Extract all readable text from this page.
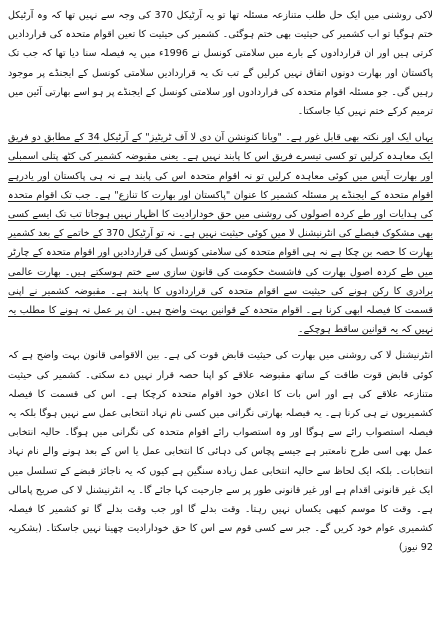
لاکی روشنی میں ایک حل طلب متنازعہ مسئلہ تھا تو یہ آرٹیکل 370 کی وجہ سے نہیں تھا کہ وہ آرٹیکل ختم ہوگیا تو اب کشمیر کی حیثیت بھی ختم ہوگئی۔ کشمیر کی حیثیت کا تعین اقوام متحدہ کی قراردادیں کرتی ہیں اور ان قراردادوں کے بارے میں سلامتی کونسل نے 1996ء میں یہ فیصلہ سنا دیا تھا کہ جب تک پاکستان اور بھارت دونوں اتفاق نہیں کرلیں گے تب تک یہ قراردادیں سلامتی کونسل کے ایجنڈے پر موجود رہیں گی۔ جو مسئلہ اقوام متحدہ کی قراردادوں اور سلامتی کونسل کے ایجنڈے پر ہو اسے بھارتی آئین میں ترمیم کرکے ختم نہیں کیا جاسکتا۔

یہاں ایک اور نکتہ بھی قابل غور ہے۔ "ویانا کنونشن آن دی لا آف ٹریٹیز" کے آرٹیکل 34 کے مطابق دو فریق ایک معاہدہ کرلیں تو کسی تیسرے فریق اس کا پابند نہیں ہے۔ یعنی مقبوضہ کشمیر کی کٹھ پتلی اسمبلی اور بھارت آپس میں کوئی معاہدہ کرلیں تو نہ اقوام متحدہ اس کی پابند ہے نہ ہی پاکستان اور یادرہے اقوام متحدہ کے ایجنڈے پر مسئلہ کشمیر کا عنوان "پاکستان اور بھارت کا تنازع" ہے۔ جب تک اقوام متحدہ کی ہدایات اور طے کردہ اصولوں کی روشنی میں حق خودارادیت کا اظہار نہیں ہوجاتا تب تک ایسے کسی بھی مشکوک فیصلے کی انٹرنیشنل لا میں کوئی حیثیت نہیں ہے۔ نہ تو آرٹیکل 370 کے خاتمے کے بعد کشمیر بھارت کا حصہ بن چکا ہے نہ ہی اقوام متحدہ کی سلامتی کونسل کی قراردادیں اور اقوام متحدہ کے چارٹر میں طے کردہ اصول بھارت کی فاشسٹ حکومت کی قانون سازی سے ختم ہوسکتے ہیں۔ بھارت عالمی برادری کا رکن ہونے کی حیثیت سے اقوام متحدہ کی قراردادوں کا پابند ہے۔ مقبوضہ کشمیر نے اپنی قسمت کا فیصلہ ابھی کرنا ہے۔ اقوام متحدہ کے قوانین بہت واضح ہیں۔ ان پر عمل نہ ہونے کا مطلب یہ نہیں کہ یہ قوانین ساقط ہوچکے۔

انٹرنیشنل لا کی روشنی میں بھارت کی حیثیت قابض قوت کی ہے۔ بین الاقوامی قانون بہت واضح ہے کہ کوئی قابض قوت طاقت کے ساتھ مقبوضہ علاقے کو اپنا حصہ قرار نہیں دے سکتی۔ کشمیر کی حیثیت متنازعہ علاقے کی ہے اور اس بات کا اعلان خود اقوام متحدہ کرچکا ہے۔ اس کی قسمت کا فیصلہ کشمیریوں نے ہی کرنا ہے۔ یہ فیصلہ بھارتی نگرانی میں کسی نام نہاد انتخابی عمل سے نہیں ہوگا بلکہ یہ فیصلہ استصواب رائے سے ہوگا اور وہ استصواب رائے اقوام متحدہ کی نگرانی میں ہوگا۔ حالیہ انتخابی عمل بھی اسی طرح نامعتبر ہے جیسے پچاس کی دہائی کا انتخابی عمل یا اس کے بعد ہونے والے نام نہاد انتخابات۔ بلکہ ایک لحاظ سے حالیہ انتخابی عمل زیادہ سنگین ہے کیوں کہ یہ ناجائز قبضے کے تسلسل میں ایک غیر قانونی اقدام ہے اور غیر قانونی طور پر سے جارحیت کہا جائے گا۔ یہ انٹرنیشنل لا کی صریح پامالی ہے۔ وقت کا موسم کبھی یکساں نہیں رہتا۔ وقت بدلے گا اور جب وقت بدلے گا تو کشمیر کا فیصلہ کشمیری عوام خود کریں گے۔ جبر سے کسی قوم سے اس کا حق خودارادیت چھینا نہیں جاسکتا۔ (بشکریہ 92 نیوز)
